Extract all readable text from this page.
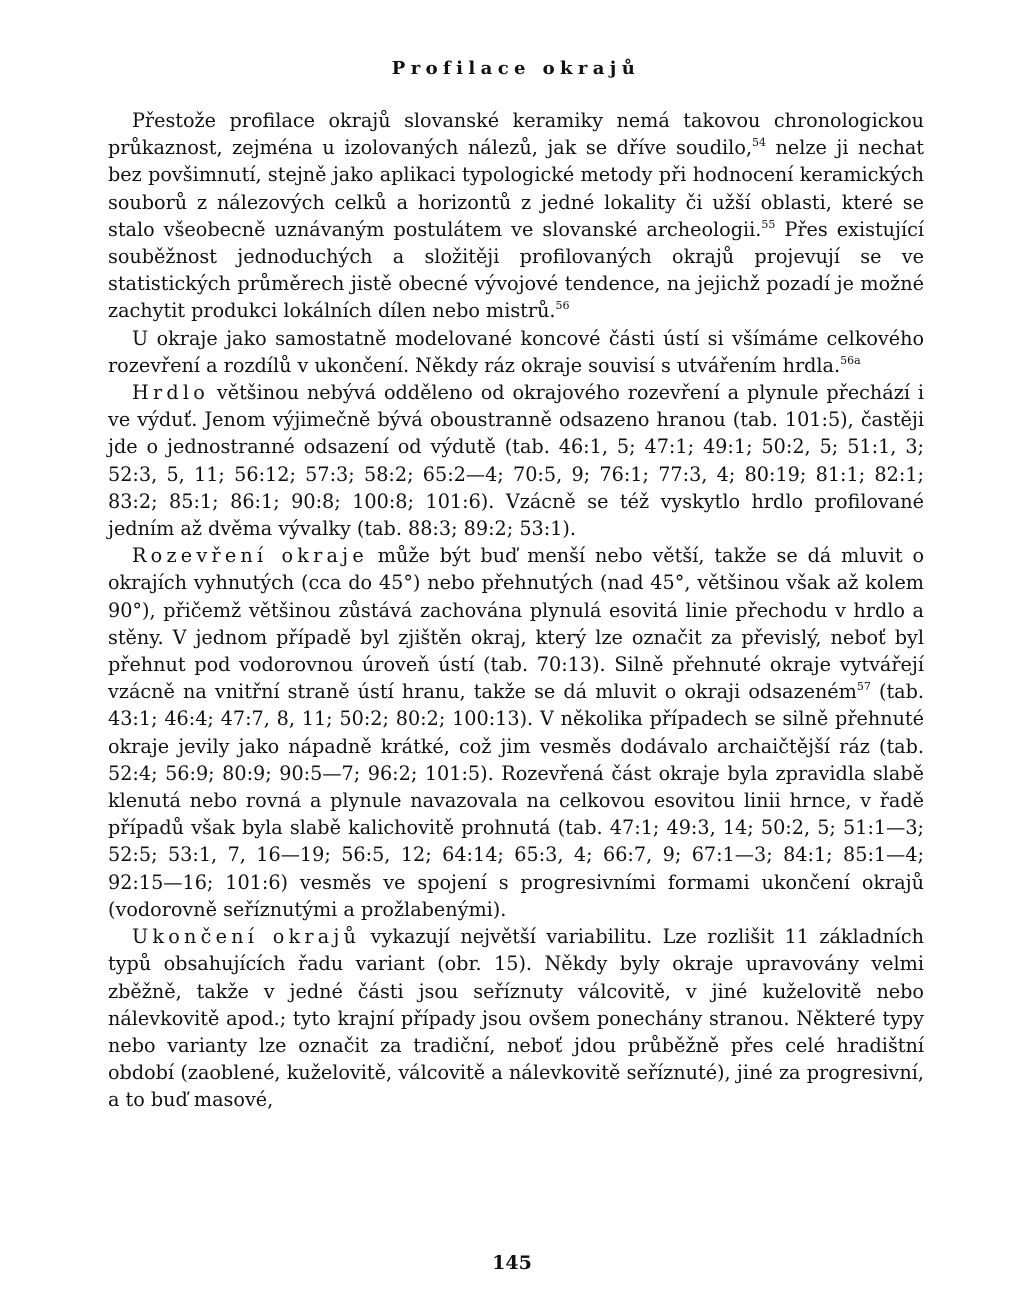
Profilace okrajů

Přestože profilace okrajů slovanské keramiky nemá takovou chronologickou průkaznost, zejména u izolovaných nálezů, jak se dříve soudilo,$^{54}$ nelze ji nechat bez povšimnutí, stejně jako aplikaci typologické metody při hodnocení keramických souborů z nálezových celků a horizontů z jedné lokality či užší oblasti, které se stalo všeobecně uznávaným postulátem ve slovanské archeologii.$^{55}$ Přes existující souběžnost jednoduchých a složitěji profilovaných okrajů projevují se ve statistických průměrech jistě obecné vývojové tendence, na jejichž pozadí je možné zachytit produkci lokálních dílen nebo mistrů.$^{56}$

U okraje jako samostatně modelované koncové části ústí si všímáme celkového rozevření a rozdílů v ukončení. Někdy ráz okraje souvisí s utvářením hrdla.$^{56a}$

Hrdlo většinou nebývá odděleno od okrajového rozevření a plynule přechází i ve výduť. Jenom výjimečně bývá oboustranně odsazeno hranou (tab. 101:5), častěji jde o jednostranné odsazení od výdutě (tab. 46:1, 5; 47:1; 49:1; 50:2, 5; 51:1, 3; 52:3, 5, 11; 56:12; 57:3; 58:2; 65:2—4; 70:5, 9; 76:1; 77:3, 4; 80:19; 81:1; 82:1; 83:2; 85:1; 86:1; 90:8; 100:8; 101:6). Vzácně se též vyskytlo hrdlo profilované jedním až dvěma vývalky (tab. 88:3; 89:2; 53:1).

Rozevření okraje může být buď menší nebo větší, takže se dá mluvit o okrajích vyhnutých (cca do 45°) nebo přehnutých (nad 45°, většinou však až kolem 90°), přičemž většinou zůstává zachována plynulá esovitá linie přechodu v hrdlo a stěny. V jednom případě byl zjištěn okraj, který lze označit za převislý, neboť byl přehnut pod vodorovnou úroveň ústí (tab. 70:13). Silně přehnuté okraje vytvářejí vzácně na vnitřní straně ústí hranu, takže se dá mluvit o okraji odsazeném$^{57}$ (tab. 43:1; 46:4; 47:7, 8, 11; 50:2; 80:2; 100:13). V několika případech se silně přehnuté okraje jevily jako nápadně krátké, což jim vesměs dodávalo archaičtější ráz (tab. 52:4; 56:9; 80:9; 90:5—7; 96:2; 101:5). Rozevřená část okraje byla zpravidla slabě klenutá nebo rovná a plynule navazovala na celkovou esovitou linii hrnce, v řadě případů však byla slabě kalichovitě prohnutá (tab. 47:1; 49:3, 14; 50:2, 5; 51:1—3; 52:5; 53:1, 7, 16—19; 56:5, 12; 64:14; 65:3, 4; 66:7, 9; 67:1—3; 84:1; 85:1—4; 92:15—16; 101:6) vesměs ve spojení s progresivními formami ukončení okrajů (vodorovně seříznutými a prožlabenými).

Ukončení okrajů vykazují největší variabilitu. Lze rozlišit 11 základních typů obsahujících řadu variant (obr. 15). Někdy byly okraje upravovány velmi zběžně, takže v jedné části jsou seříznuty válcovitě, v jiné kuželovitě nebo nálevkovitě apod.; tyto krajní případy jsou ovšem ponechány stranou. Některé typy nebo varianty lze označit za tradiční, neboť jdou průběžně přes celé hradištní období (zaoblené, kuželovitě, válcovitě a nálevkovitě seříznuté), jiné za progresivní, a to buď masové,

145
